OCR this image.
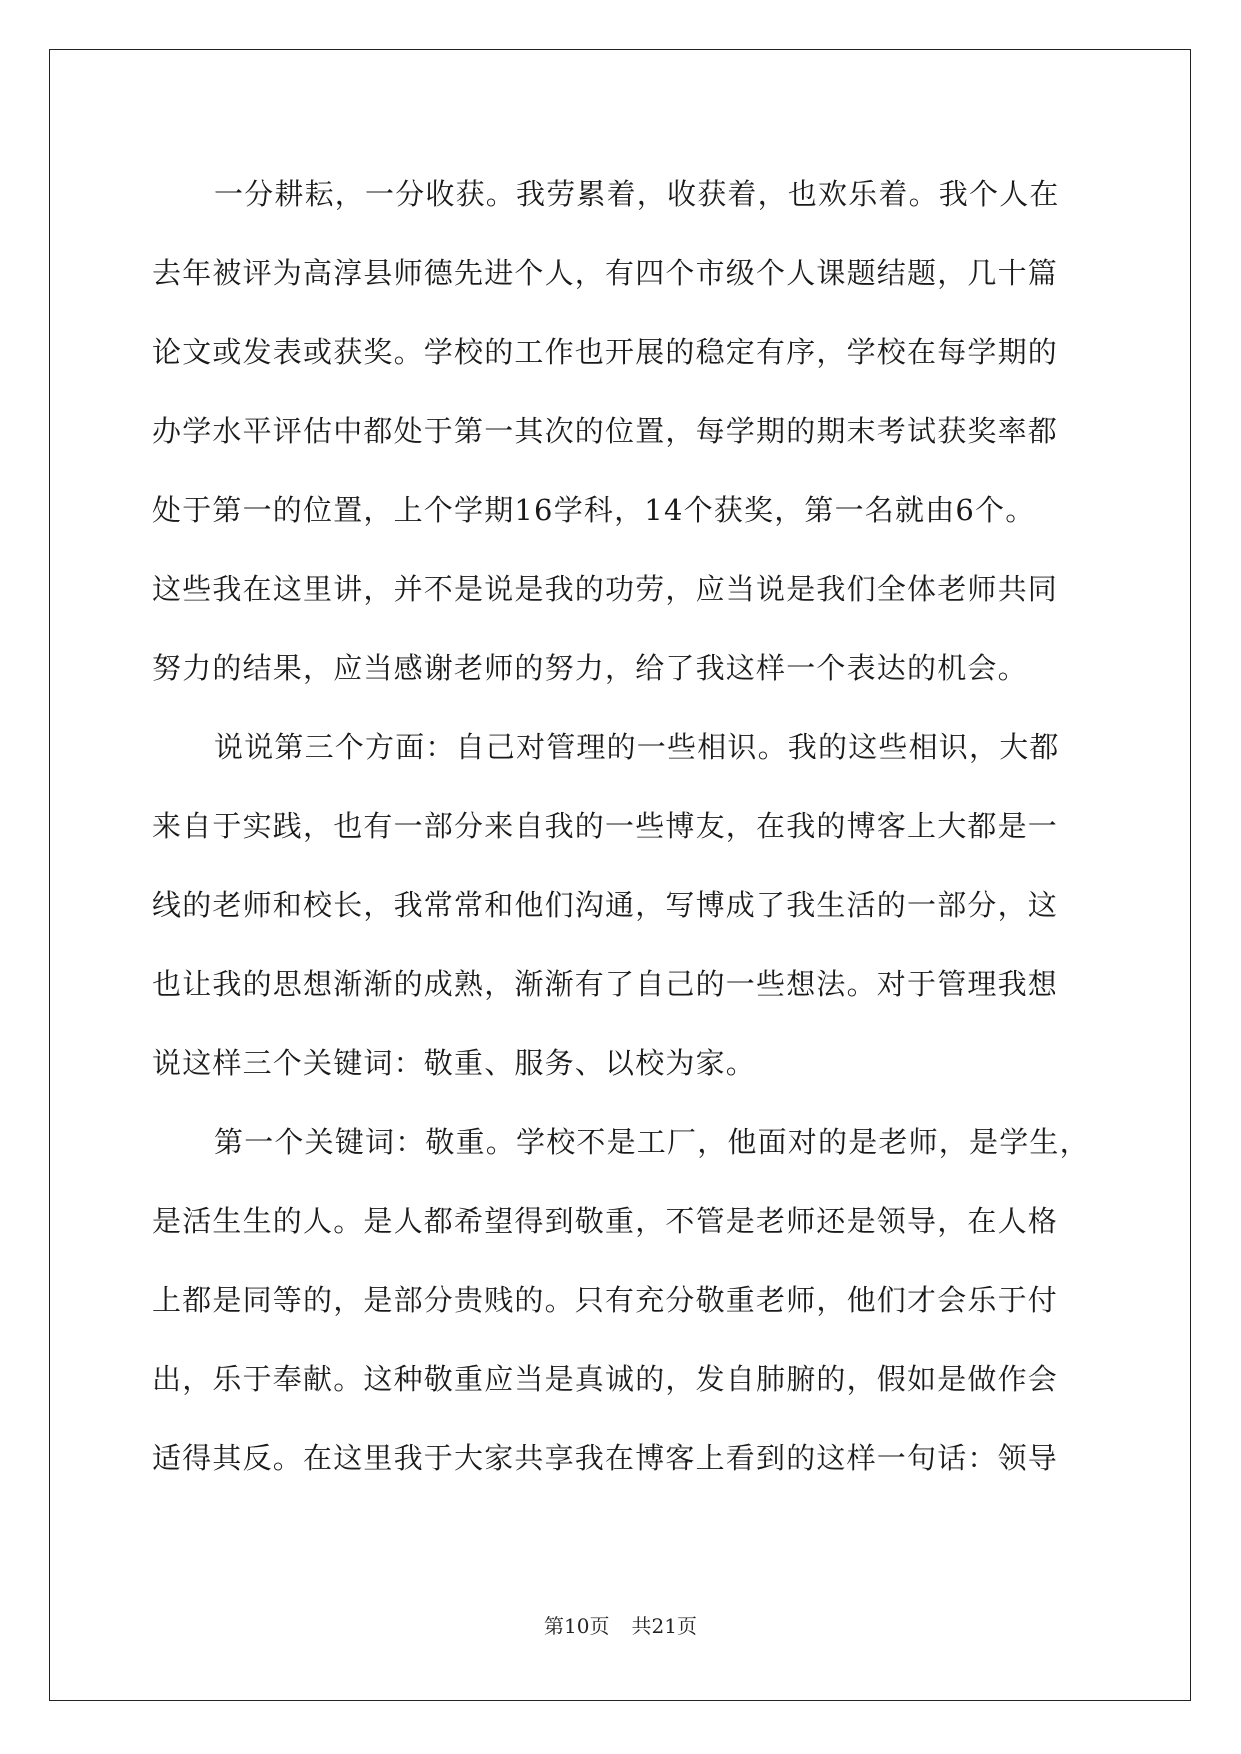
一分耕耘，一分收获。我劳累着，收获着，也欢乐着。我个人在

去年被评为高淳县师德先进个人，有四个市级个人课题结题，几十篇

论文或发表或获奖。学校的工作也开展的稳定有序，学校在每学期的

办学水平评估中都处于第一其次的位置，每学期的期末考试获奖率都

处于第一的位置，上个学期16学科，14个获奖，第一名就由6个。

这些我在这里讲，并不是说是我的功劳，应当说是我们全体老师共同

努力的结果，应当感谢老师的努力，给了我这样一个表达的机会。

说说第三个方面：自己对管理的一些相识。我的这些相识，大都

来自于实践，也有一部分来自我的一些博友，在我的博客上大都是一

线的老师和校长，我常常和他们沟通，写博成了我生活的一部分，这

也让我的思想渐渐的成熟，渐渐有了自己的一些想法。对于管理我想

说这样三个关键词：敬重、服务、以校为家。

第一个关键词：敬重。学校不是工厂，他面对的是老师，是学生，

是活生生的人。是人都希望得到敬重，不管是老师还是领导，在人格

上都是同等的，是部分贵贱的。只有充分敬重老师，他们才会乐于付

出，乐于奉献。这种敬重应当是真诚的，发自肺腑的，假如是做作会

适得其反。在这里我于大家共享我在博客上看到的这样一句话：领导

第10页 共21页
